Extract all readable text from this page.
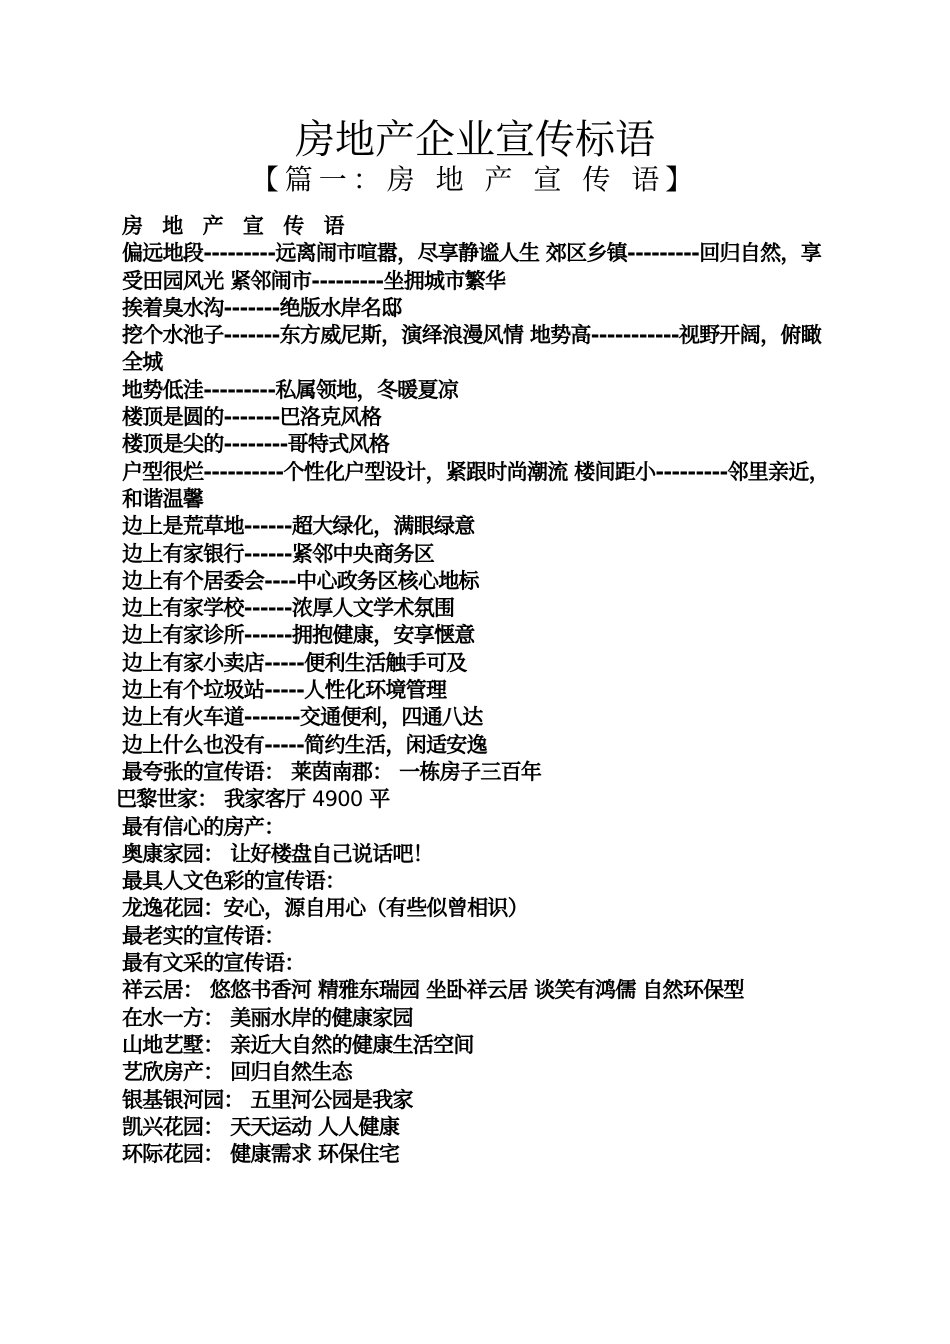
房地产企业宣传标语

【篇一：房 地 产 宣 传 语】

房 地 产 宣 传 语

偏远地段---------远离闹市喧嚣，尽享静谧人生 郊区乡镇---------回归自然，享受田园风光 紧邻闹市---------坐拥城市繁华

挨着臭水沟-------绝版水岸名邸

挖个水池子-------东方威尼斯，演绎浪漫风情 地势高-----------视野开阔，俯瞰全城

地势低洼---------私属领地，冬暖夏凉

楼顶是圆的-------巴洛克风格

楼顶是尖的--------哥特式风格

户型很烂----------个性化户型设计，紧跟时尚潮流 楼间距小---------邻里亲近，和谐温馨

边上是荒草地------超大绿化，满眼绿意

边上有家银行------紧邻中央商务区

边上有个居委会----中心政务区核心地标

边上有家学校------浓厚人文学术氛围

边上有家诊所------拥抱健康，安享惬意

边上有家小卖店-----便利生活触手可及

边上有个垃圾站-----人性化环境管理

边上有火车道-------交通便利，四通八达

边上什么也没有-----简约生活，闲适安逸

最夸张的宣传语： 莱茵南郡： 一栋房子三百年

巴黎世家： 我家客厅 4900 平

最有信心的房产：

奥康家园： 让好楼盘自己说话吧！

最具人文色彩的宣传语：

龙逸花园：安心，源自用心（有些似曾相识）

最老实的宣传语：

最有文采的宣传语：

祥云居： 悠悠书香河 精雅东瑞园 坐卧祥云居 谈笑有鸿儒 自然环保型

在水一方： 美丽水岸的健康家园

山地艺墅： 亲近大自然的健康生活空间

艺欣房产： 回归自然生态

银基银河园： 五里河公园是我家

凯兴花园： 天天运动 人人健康

环际花园： 健康需求 环保住宅
